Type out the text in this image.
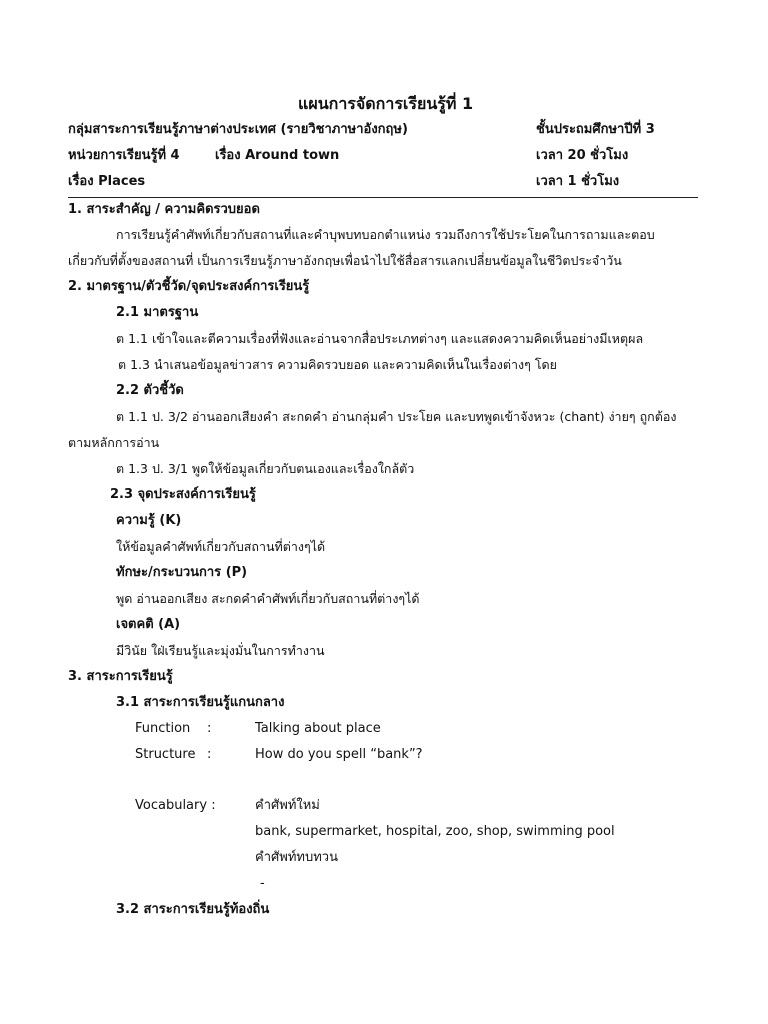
แผนการจัดการเรียนรู้ที่ 1
กลุ่มสาระการเรียนรู้ภาษาต่างประเทศ (รายวิชาภาษาอังกฤษ)	ชั้นประถมศึกษาปีที่ 3
หน่วยการเรียนรู้ที่ 4	เรื่อง Around town	เวลา 20 ชั่วโมง
เรื่อง Places	เวลา 1 ชั่วโมง
1. สาระสำคัญ / ความคิดรวบยอด
การเรียนรู้คำศัพท์เกี่ยวกับสถานที่และคำบุพบทบอกตำแหน่ง รวมถึงการใช้ประโยคในการถามและตอบ
เกี่ยวกับที่ตั้งของสถานที่ เป็นการเรียนรู้ภาษาอังกฤษเพื่อนำไปใช้สื่อสารแลกเปลี่ยนข้อมูลในชีวิตประจำวัน
2. มาตรฐาน/ตัวชี้วัด/จุดประสงค์การเรียนรู้
2.1 มาตรฐาน
ต 1.1 เข้าใจและตีความเรื่องที่ฟังและอ่านจากสื่อประเภทต่างๆ และแสดงความคิดเห็นอย่างมีเหตุผล
ต 1.3 นำเสนอข้อมูลข่าวสาร ความคิดรวบยอด และความคิดเห็นในเรื่องต่างๆ โดย
2.2 ตัวชี้วัด
ต 1.1 ป. 3/2 อ่านออกเสียงคำ สะกดคำ อ่านกลุ่มคำ ประโยค และบทพูดเข้าจังหวะ (chant) ง่ายๆ ถูกต้อง
ตามหลักการอ่าน
ต 1.3 ป. 3/1 พูดให้ข้อมูลเกี่ยวกับตนเองและเรื่องใกล้ตัว
2.3 จุดประสงค์การเรียนรู้
ความรู้ (K)
ให้ข้อมูลคำศัพท์เกี่ยวกับสถานที่ต่างๆได้
ทักษะ/กระบวนการ (P)
พูด อ่านออกเสียง สะกดคำคำศัพท์เกี่ยวกับสถานที่ต่างๆได้
เจตคติ (A)
มีวินัย ใฝ่เรียนรู้และมุ่งมั่นในการทำงาน
3. สาระการเรียนรู้
3.1 สาระการเรียนรู้แกนกลาง
Function :	Talking about place
Structure :	How do you spell “bank”?
Vocabulary :	คำศัพท์ใหม่
bank, supermarket, hospital, zoo, shop, swimming pool
คำศัพท์ทบทวน
-
3.2 สาระการเรียนรู้ท้องถิ่น
